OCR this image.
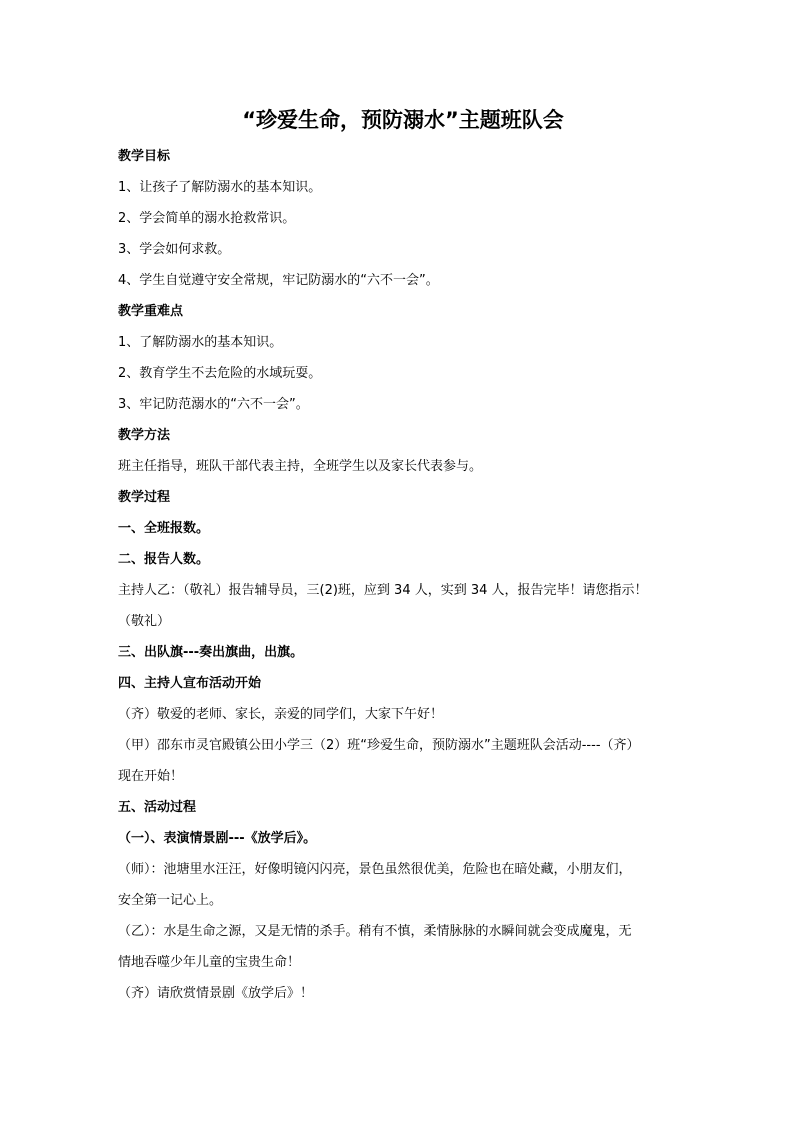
“珍爱生命，预防溺水”主题班队会
教学目标
1、让孩子了解防溺水的基本知识。
2、学会简单的溺水抢救常识。
3、学会如何求救。
4、学生自觉遵守安全常规，牢记防溺水的“六不一会”。
教学重难点
1、了解防溺水的基本知识。
2、教育学生不去危险的水域玩耍。
3、牢记防范溺水的“六不一会”。
教学方法
班主任指导，班队干部代表主持，全班学生以及家长代表参与。
教学过程
一、全班报数。
二、报告人数。
主持人乙：（敬礼）报告辅导员，三(2)班，应到 34 人，实到 34 人，报告完毕！请您指示！
（敬礼）
三、出队旗---奏出旗曲，出旗。
四、主持人宣布活动开始
（齐）敬爱的老师、家长，亲爱的同学们，大家下午好！
（甲）邵东市灵官殿镇公田小学三（2）班“珍爱生命，预防溺水”主题班队会活动----（齐）
现在开始！
五、活动过程
（一）、表演情景剧---《放学后》。
（师）：池塘里水汪汪，好像明镜闪闪亮，景色虽然很优美，危险也在暗处藏，小朋友们，
安全第一记心上。
（乙）：水是生命之源，又是无情的杀手。稍有不慎，柔情脉脉的水瞬间就会变成魔鬼，无
情地吞噬少年儿童的宝贵生命！
（齐）请欣赏情景剧《放学后》！
